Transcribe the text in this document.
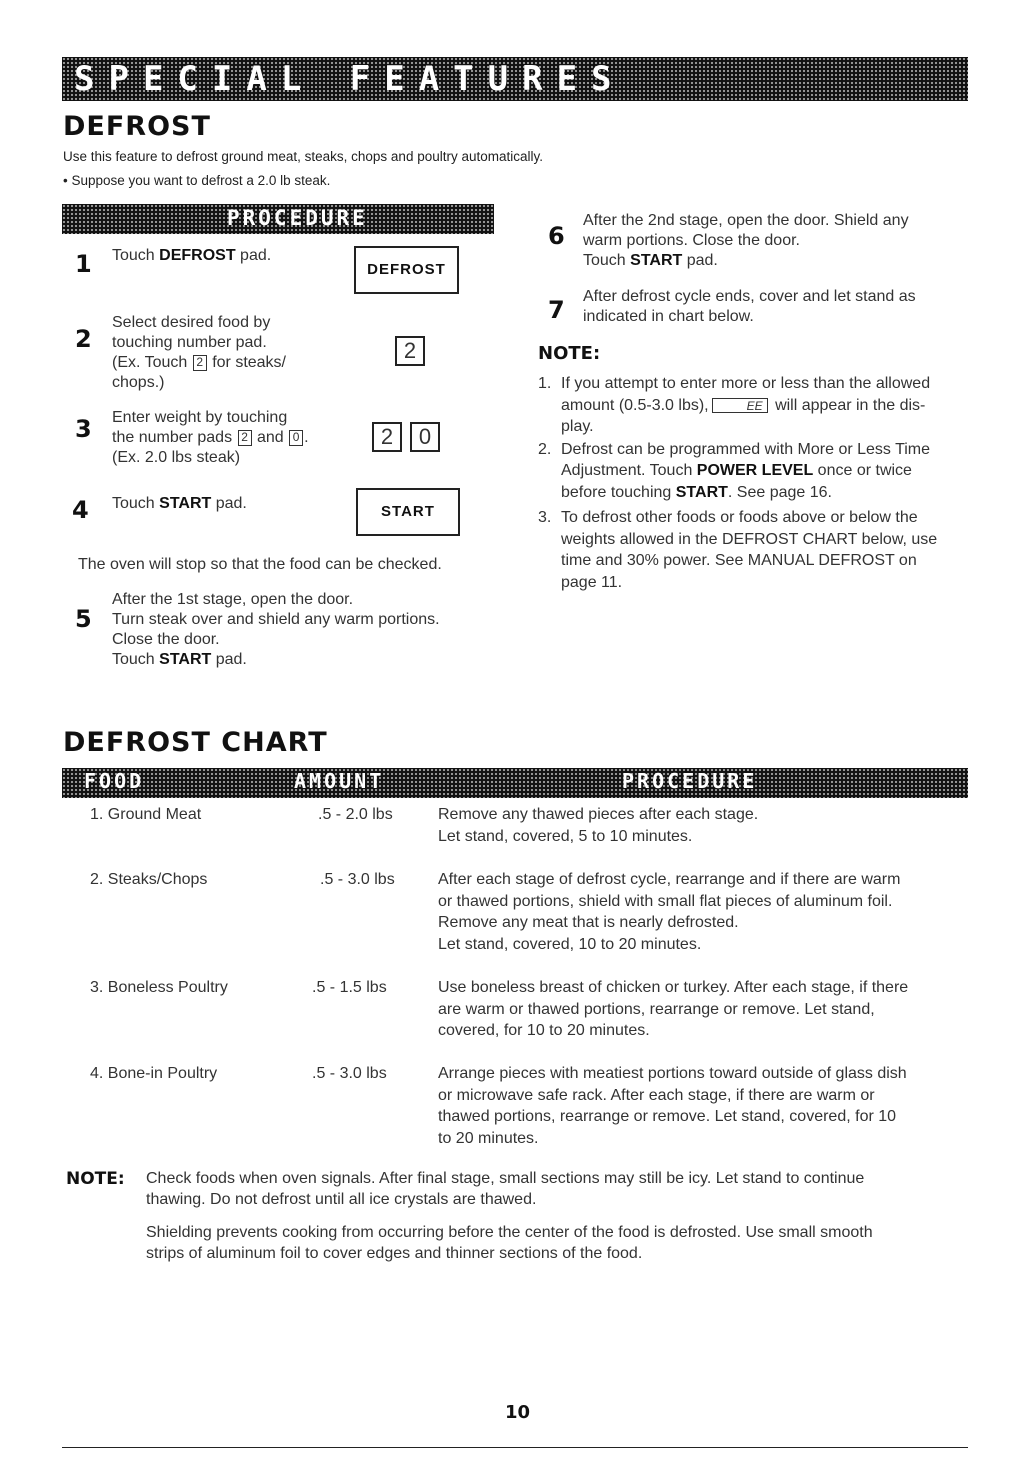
SPECIAL FEATURES
DEFROST
Use this feature to defrost ground meat, steaks, chops and poultry automatically.
• Suppose you want to defrost a 2.0 lb steak.
PROCEDURE
1 Touch DEFROST pad.
DEFROST
2
Select desired food by
touching number pad.
(Ex. Touch 2 for steaks/
chops.)
2
3 Enter weight by touching
the number pads 2 and 0 .
(Ex. 2.0 lbs steak)
2	0
4 Touch START pad.	START
The oven will stop so that the food can be checked.
5
After the 1st stage, open the door.
Turn steak over and shield any warm portions.
Close the door.
Touch START pad.
6
After the 2nd stage, open the door. Shield any
warm portions. Close the door.
Touch START pad.
7 After defrost cycle ends, cover and let stand as
indicated in chart below.
NOTE:
1. If you attempt to enter more or less than the allowed
amount (0.5-3.0 lbs),	EE will appear in the dis-
play.
2. Defrost can be programmed with More or Less Time
Adjustment. Touch POWER LEVEL once or twice
before touching START. See page 16.
3. To defrost other foods or foods above or below the
weights allowed in the DEFROST CHART below, use
time and 30% power. See MANUAL DEFROST on
page 11.
DEFROST CHART
FOOD	AMOUNT	PROCEDURE
1. Ground Meat	.5 - 2.0 lbs	Remove any thawed pieces after each stage.
Let stand, covered, 5 to 10 minutes.
2. Steaks/Chops	.5 - 3.0 lbs	After each stage of defrost cycle, rearrange and if there are warm
or thawed portions, shield with small flat pieces of aluminum foil.
Remove any meat that is nearly defrosted.
Let stand, covered, 10 to 20 minutes.
3. Boneless Poultry	.5 - 1.5 lbs	Use boneless breast of chicken or turkey. After each stage, if there
are warm or thawed portions, rearrange or remove. Let stand,
covered, for 10 to 20 minutes.
4. Bone-in Poultry	.5 - 3.0 lbs	Arrange pieces with meatiest portions toward outside of glass dish
or microwave safe rack. After each stage, if there are warm or
thawed portions, rearrange or remove. Let stand, covered, for 10
to 20 minutes.
NOTE: Check foods when oven signals. After final stage, small sections may still be icy. Let stand to continue
thawing. Do not defrost until all ice crystals are thawed.
Shielding prevents cooking from occurring before the center of the food is defrosted. Use small smooth
strips of aluminum foil to cover edges and thinner sections of the food.
10
